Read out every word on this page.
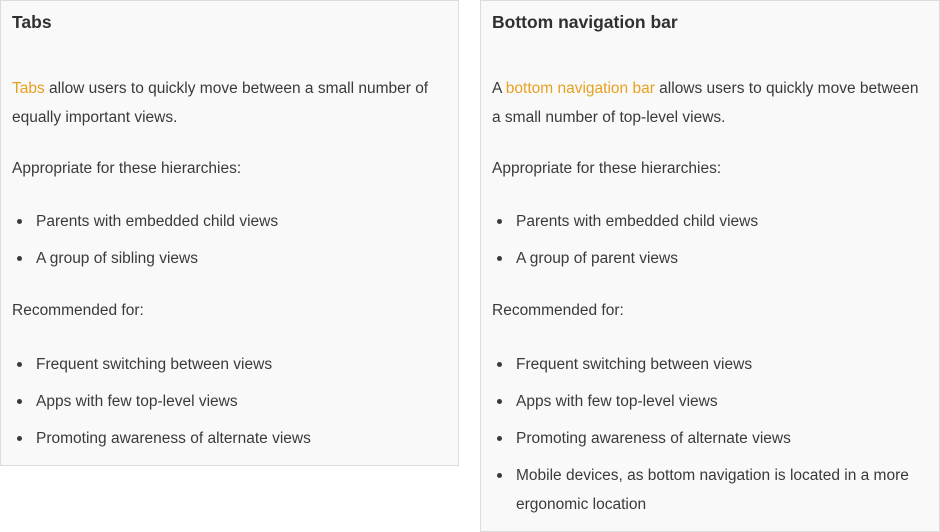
Tabs

Tabs allow users to quickly move between a small number of equally important views.

Appropriate for these hierarchies:

Parents with embedded child views
A group of sibling views

Recommended for:

Frequent switching between views
Apps with few top-level views
Promoting awareness of alternate views
Bottom navigation bar

A bottom navigation bar allows users to quickly move between a small number of top-level views.

Appropriate for these hierarchies:

Parents with embedded child views
A group of parent views

Recommended for:

Frequent switching between views
Apps with few top-level views
Promoting awareness of alternate views
Mobile devices, as bottom navigation is located in a more ergonomic location
